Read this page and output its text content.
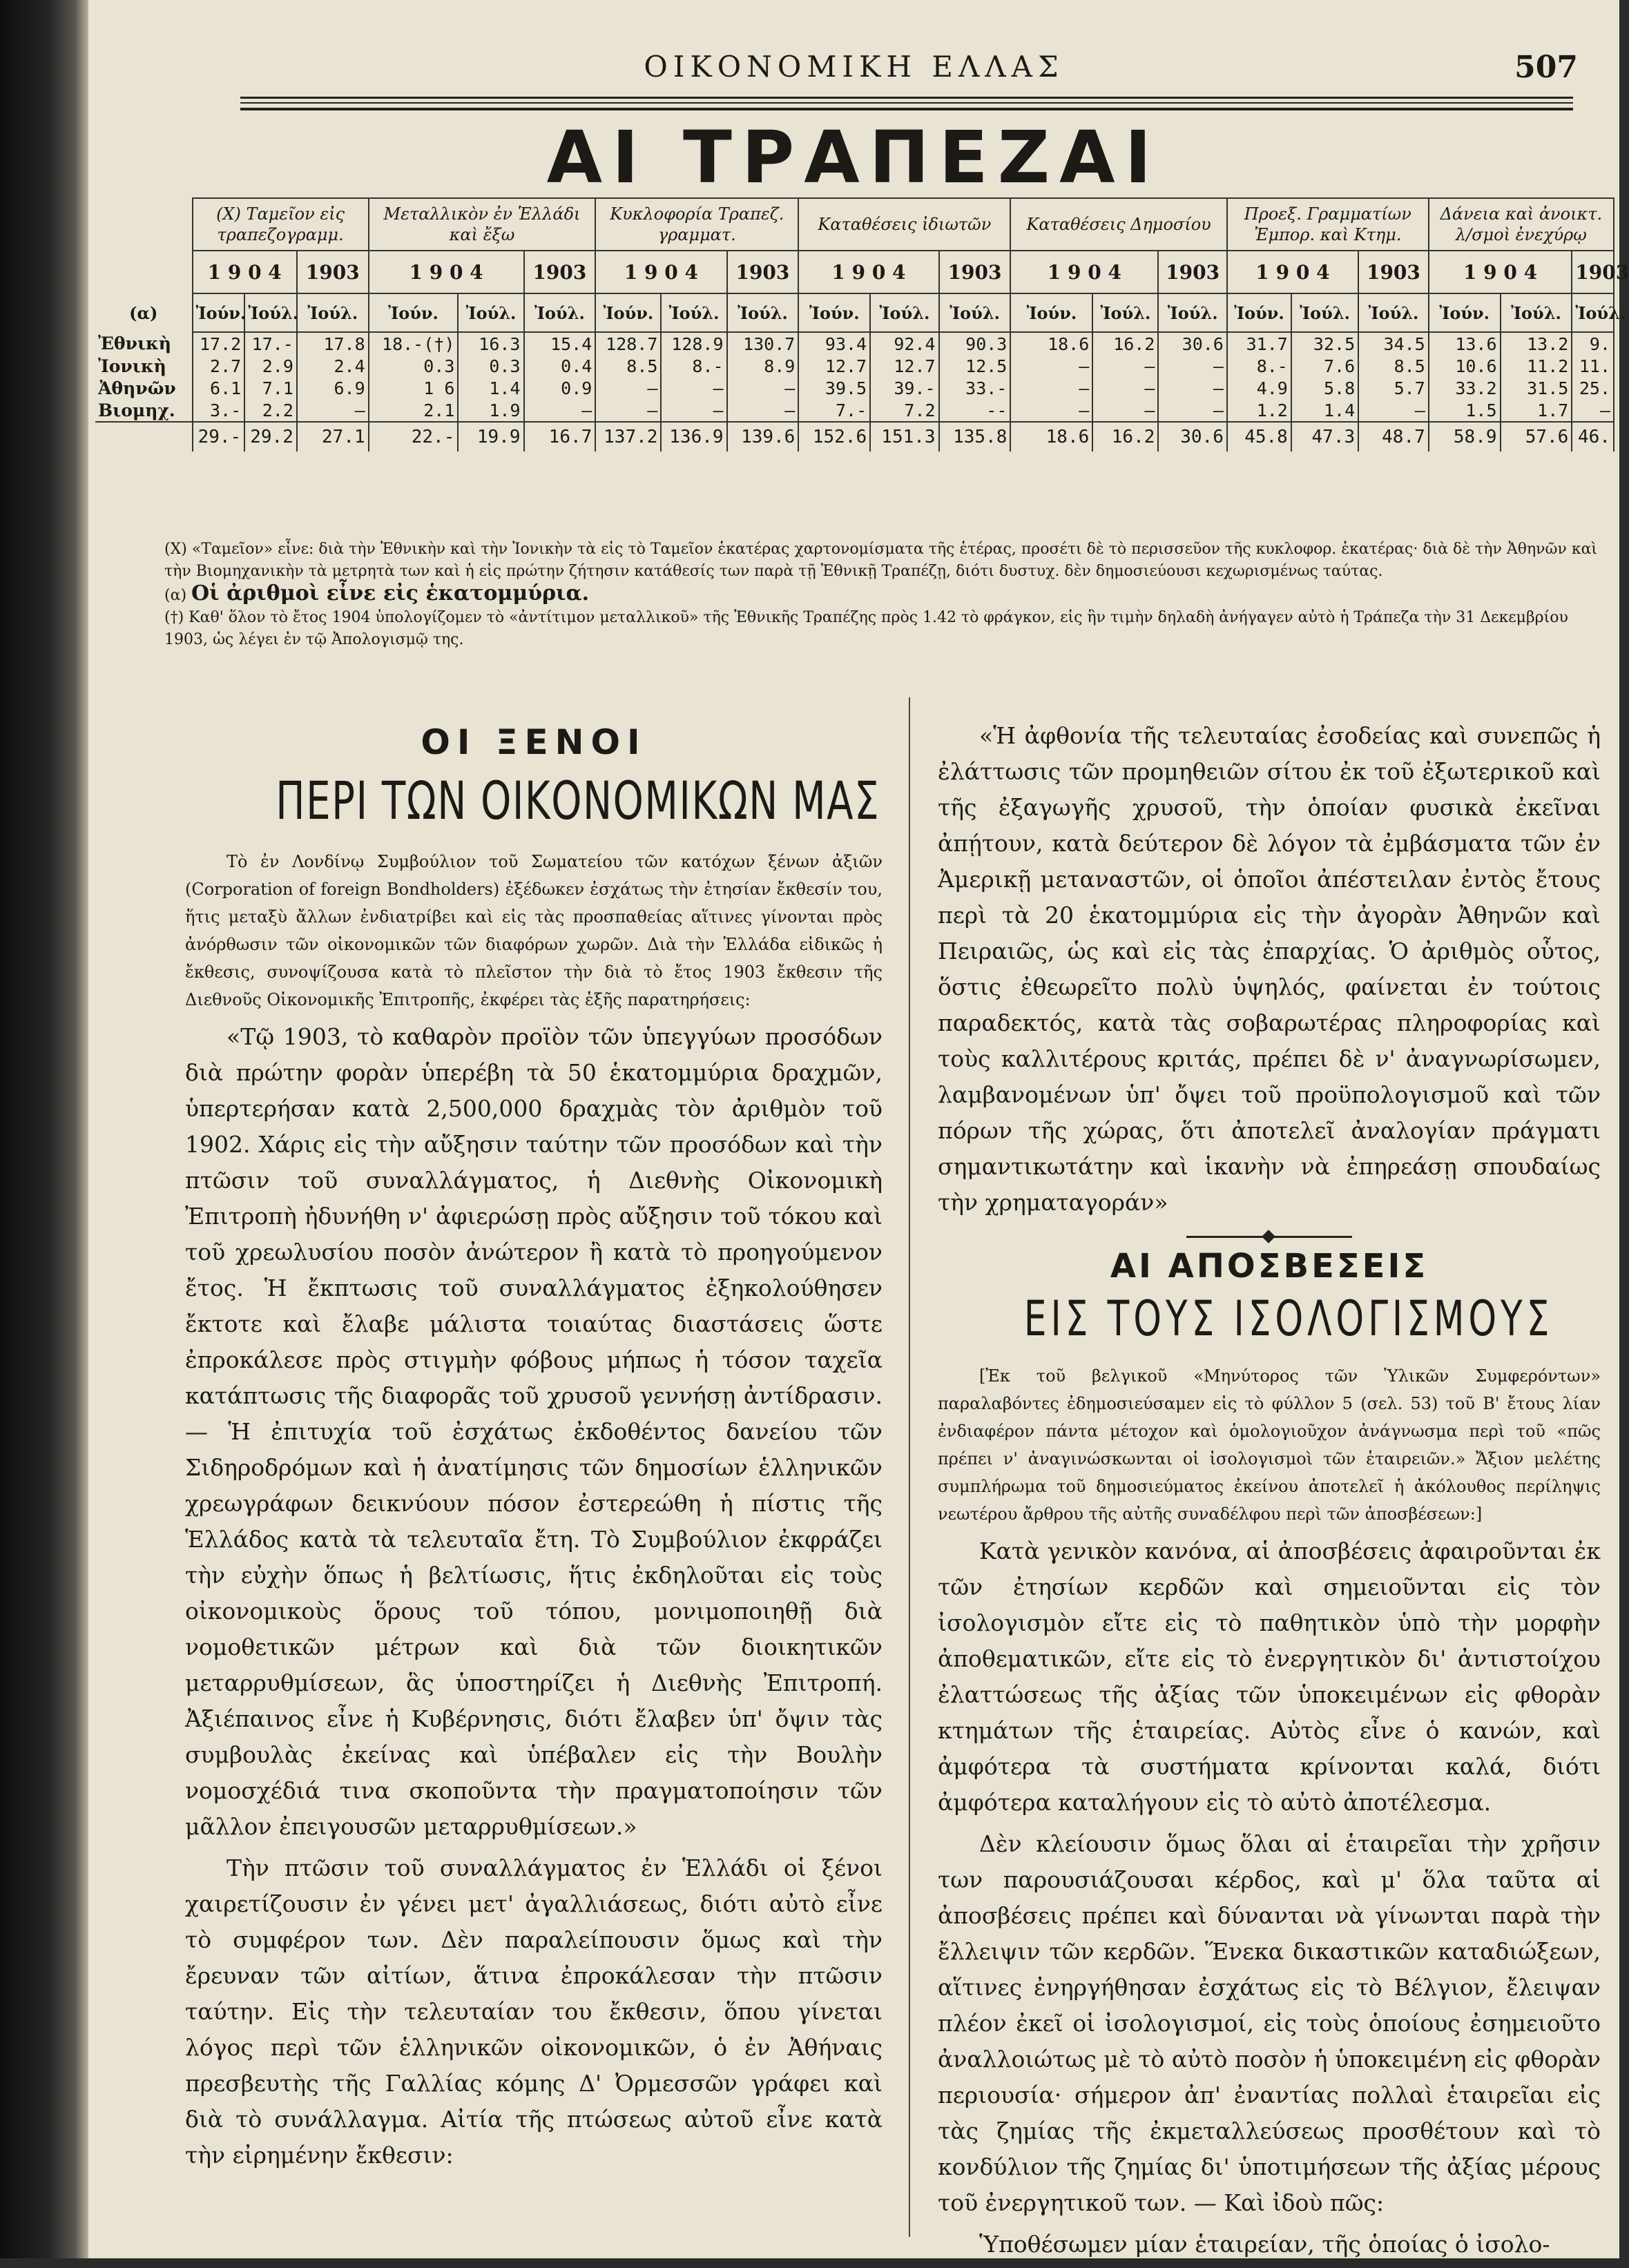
ΟΙΚΟΝΟΜΙΚΗ ΕΛΛΑΣ	507
ΑΙ ΤΡΑΠΕΖΑΙ
	(Χ) Ταμεῖον εἰς τραπεζογραμμ.			Μεταλλικὸν ἐν Ἑλλάδι καὶ ἔξω			Κυκλοφορία Τραπεζ. γραμματ.			Καταθέσεις ἰδιωτῶν			Καταθέσεις Δημοσίου			Προεξ. Γραμματίων Ἐμπορ. καὶ Κτημ.			Δάνεια καὶ ἀνοικτ. λ/σμοὶ ἐνεχύρῳ		
	1 9 0 4		1903	1 9 0 4		1903	1 9 0 4		1903	1 9 0 4		1903	1 9 0 4		1903	1 9 0 4		1903	1 9 0 4		1903
(α)	Ἰούν.	Ἰούλ.	Ἰούλ.	Ἰούν.	Ἰούλ.	Ἰούλ.	Ἰούν.	Ἰούλ.	Ἰούλ.	Ἰούν.	Ἰούλ.	Ἰούλ.	Ἰούν.	Ἰούλ.	Ἰούλ.	Ἰούν.	Ἰούλ.	Ἰούλ.	Ἰούν.	Ἰούλ.	Ἰούλ.
Ἐθνικὴ	17.2	17.-	17.8	18.-(†)	16.3	15.4	128.7	128.9	130.7	93.4	92.4	90.3	18.6	16.2	30.6	31.7	32.5	34.5	13.6	13.2	9.
Ἰονικὴ	2.7	2.9	2.4	0.3	0.3	0.4	8.5	8.-	8.9	12.7	12.7	12.5	—	—	—	8.-	7.6	8.5	10.6	11.2	11.
Ἀθηνῶν	6.1	7.1	6.9	1 6	1.4	0.9	—	—	—	39.5	39.-	33.-	—	—	—	4.9	5.8	5.7	33.2	31.5	25.
Βιομηχ.	3.-	2.2	—	2.1	1.9	—	—	—	—	7.-	7.2	--	—	—	—	1.2	1.4	—	1.5	1.7	—
	29.-	29.2	27.1	22.-	19.9	16.7	137.2	136.9	139.6	152.6	151.3	135.8	18.6	16.2	30.6	45.8	47.3	48.7	58.9	57.6	46.

(Χ) «Ταμεῖον» εἶνε: διὰ τὴν Ἐθνικὴν καὶ τὴν Ἰονικὴν τὰ εἰς τὸ Ταμεῖον ἑκατέρας χαρτονομίσματα τῆς ἑτέρας, προσέτι δὲ τὸ περισσεῦον τῆς κυκλοφορ. ἑκατέρας· διὰ δὲ τὴν Ἀθηνῶν καὶ τὴν Βιομηχανικὴν τὰ μετρητὰ των καὶ ἡ εἰς πρώτην ζήτησιν κατάθεσίς των παρὰ τῇ Ἐθνικῇ Τραπέζῃ, διότι δυστυχ. δὲν δημοσιεύουσι κεχωρισμένως ταύτας.

(α) Οἱ ἀριθμοὶ εἶνε εἰς ἑκατομμύρια.

(†) Καθ' ὅλον τὸ ἔτος 1904 ὑπολογίζομεν τὸ «ἀντίτιμον μεταλλικοῦ» τῆς Ἐθνικῆς Τραπέζης πρὸς 1.42 τὸ φράγκον, εἰς ἣν τιμὴν δηλαδὴ ἀνήγαγεν αὐτὸ ἡ Τράπεζα τὴν 31 Δεκεμβρίου 1903, ὡς λέγει ἐν τῷ Ἀπολογισμῷ της.

ΟΙ ΞΕΝΟΙ
ΠΕΡΙ ΤΩΝ ΟΙΚΟΝΟΜΙΚΩΝ ΜΑΣ

Τὸ ἐν Λονδίνῳ Συμβούλιον τοῦ Σωματείου τῶν κατόχων ξένων ἀξιῶν (Corporation of foreign Bondholders) ἐξέδωκεν ἐσχάτως τὴν ἐτησίαν ἔκθεσίν του, ἥτις μεταξὺ ἄλλων ἐνδιατρίβει καὶ εἰς τὰς προσπαθείας αἵτινες γίνονται πρὸς ἀνόρθωσιν τῶν οἰκονομικῶν τῶν διαφόρων χωρῶν. Διὰ τὴν Ἑλλάδα εἰδικῶς ἡ ἔκθεσις, συνοψίζουσα κατὰ τὸ πλεῖστον τὴν διὰ τὸ ἔτος 1903 ἔκθεσιν τῆς Διεθνοῦς Οἰκονομικῆς Ἐπιτροπῆς, ἐκφέρει τὰς ἑξῆς παρατηρήσεις:

«Τῷ 1903, τὸ καθαρὸν προϊὸν τῶν ὑπεγγύων προσόδων διὰ πρώτην φορὰν ὑπερέβη τὰ 50 ἑκατομμύρια δραχμῶν, ὑπερτερήσαν κατὰ 2,500,000 δραχμὰς τὸν ἀριθμὸν τοῦ 1902. Χάρις εἰς τὴν αὔξησιν ταύτην τῶν προσόδων καὶ τὴν πτῶσιν τοῦ συναλλάγματος, ἡ Διεθνὴς Οἰκονομικὴ Ἐπιτροπὴ ἠδυνήθη ν' ἀφιερώσῃ πρὸς αὔξησιν τοῦ τόκου καὶ τοῦ χρεωλυσίου ποσὸν ἀνώτερον ἢ κατὰ τὸ προηγούμενον ἔτος. Ἡ ἔκπτωσις τοῦ συναλλάγματος ἐξηκολούθησεν ἔκτοτε καὶ ἔλαβε μάλιστα τοιαύτας διαστάσεις ὥστε ἐπροκάλεσε πρὸς στιγμὴν φόβους μήπως ἡ τόσον ταχεῖα κατάπτωσις τῆς διαφορᾶς τοῦ χρυσοῦ γεννήσῃ ἀντίδρασιν. — Ἡ ἐπιτυχία τοῦ ἐσχάτως ἐκδοθέντος δανείου τῶν Σιδηροδρόμων καὶ ἡ ἀνατίμησις τῶν δημοσίων ἑλληνικῶν χρεωγράφων δεικνύουν πόσον ἐστερεώθη ἡ πίστις τῆς Ἑλλάδος κατὰ τὰ τελευταῖα ἔτη. Τὸ Συμβούλιον ἐκφράζει τὴν εὐχὴν ὅπως ἡ βελτίωσις, ἥτις ἐκδηλοῦται εἰς τοὺς οἰκονομικοὺς ὅρους τοῦ τόπου, μονιμοποιηθῇ διὰ νομοθετικῶν μέτρων καὶ διὰ τῶν διοικητικῶν μεταρρυθμίσεων, ἃς ὑποστηρίζει ἡ Διεθνὴς Ἐπιτροπή. Ἀξιέπαινος εἶνε ἡ Κυβέρνησις, διότι ἔλαβεν ὑπ' ὄψιν τὰς συμβουλὰς ἐκείνας καὶ ὑπέβαλεν εἰς τὴν Βουλὴν νομοσχέδιά τινα σκοποῦντα τὴν πραγματοποίησιν τῶν μᾶλλον ἐπειγουσῶν μεταρρυθμίσεων.»

Τὴν πτῶσιν τοῦ συναλλάγματος ἐν Ἑλλάδι οἱ ξένοι χαιρετίζουσιν ἐν γένει μετ' ἀγαλλιάσεως, διότι αὐτὸ εἶνε τὸ συμφέρον των. Δὲν παραλείπουσιν ὅμως καὶ τὴν ἔρευναν τῶν αἰτίων, ἅτινα ἐπροκάλεσαν τὴν πτῶσιν ταύτην. Εἰς τὴν τελευταίαν του ἔκθεσιν, ὅπου γίνεται λόγος περὶ τῶν ἑλληνικῶν οἰκονομικῶν, ὁ ἐν Ἀθήναις πρεσβευτὴς τῆς Γαλλίας κόμης Δ' Ὀρμεσσῶν γράφει καὶ διὰ τὸ συνάλλαγμα. Αἰτία τῆς πτώσεως αὐτοῦ εἶνε κατὰ τὴν εἰρημένην ἔκθεσιν:

«Ἡ ἀφθονία τῆς τελευταίας ἐσοδείας καὶ συνεπῶς ἡ ἐλάττωσις τῶν προμηθειῶν σίτου ἐκ τοῦ ἐξωτερικοῦ καὶ τῆς ἐξαγωγῆς χρυσοῦ, τὴν ὁποίαν φυσικὰ ἐκεῖναι ἀπῄτουν, κατὰ δεύτερον δὲ λόγον τὰ ἐμβάσματα τῶν ἐν Ἀμερικῇ μεταναστῶν, οἱ ὁποῖοι ἀπέστειλαν ἐντὸς ἔτους περὶ τὰ 20 ἑκατομμύρια εἰς τὴν ἀγορὰν Ἀθηνῶν καὶ Πειραιῶς, ὡς καὶ εἰς τὰς ἐπαρχίας. Ὁ ἀριθμὸς οὗτος, ὅστις ἐθεωρεῖτο πολὺ ὑψηλός, φαίνεται ἐν τούτοις παραδεκτός, κατὰ τὰς σοβαρωτέρας πληροφορίας καὶ τοὺς καλλιτέρους κριτάς, πρέπει δὲ ν' ἀναγνωρίσωμεν, λαμβανομένων ὑπ' ὄψει τοῦ προϋπολογισμοῦ καὶ τῶν πόρων τῆς χώρας, ὅτι ἀποτελεῖ ἀναλογίαν πράγματι σημαντικωτάτην καὶ ἱκανὴν νὰ ἐπηρεάσῃ σπουδαίως τὴν χρηματαγοράν»

ΑΙ ΑΠΟΣΒΕΣΕΙΣ
ΕΙΣ ΤΟΥΣ ΙΣΟΛΟΓΙΣΜΟΥΣ

[Ἐκ τοῦ βελγικοῦ «Μηνύτορος τῶν Ὑλικῶν Συμφερόντων» παραλαβόντες ἐδημοσιεύσαμεν εἰς τὸ φύλλον 5 (σελ. 53) τοῦ Β' ἔτους λίαν ἐνδιαφέρον πάντα μέτοχον καὶ ὁμολογιοῦχον ἀνάγνωσμα περὶ τοῦ «πῶς πρέπει ν' ἀναγινώσκωνται οἱ ἰσολογισμοὶ τῶν ἑταιρειῶν.» Ἄξιον μελέτης συμπλήρωμα τοῦ δημοσιεύματος ἐκείνου ἀποτελεῖ ἡ ἀκόλουθος περίληψις νεωτέρου ἄρθρου τῆς αὐτῆς συναδέλφου περὶ τῶν ἀποσβέσεων:]

Κατὰ γενικὸν κανόνα, αἱ ἀποσβέσεις ἀφαιροῦνται ἐκ τῶν ἐτησίων κερδῶν καὶ σημειοῦνται εἰς τὸν ἰσολογισμὸν εἴτε εἰς τὸ παθητικὸν ὑπὸ τὴν μορφὴν ἀποθεματικῶν, εἴτε εἰς τὸ ἐνεργητικὸν δι' ἀντιστοίχου ἐλαττώσεως τῆς ἀξίας τῶν ὑποκειμένων εἰς φθορὰν κτημάτων τῆς ἑταιρείας. Αὐτὸς εἶνε ὁ κανών, καὶ ἀμφότερα τὰ συστήματα κρίνονται καλά, διότι ἀμφότερα καταλήγουν εἰς τὸ αὐτὸ ἀποτέλεσμα.

Δὲν κλείουσιν ὅμως ὅλαι αἱ ἑταιρεῖαι τὴν χρῆσιν των παρουσιάζουσαι κέρδος, καὶ μ' ὅλα ταῦτα αἱ ἀποσβέσεις πρέπει καὶ δύνανται νὰ γίνωνται παρὰ τὴν ἔλλειψιν τῶν κερδῶν. Ἕνεκα δικαστικῶν καταδιώξεων, αἵτινες ἐνηργήθησαν ἐσχάτως εἰς τὸ Βέλγιον, ἔλειψαν πλέον ἐκεῖ οἱ ἰσολογισμοί, εἰς τοὺς ὁποίους ἐσημειοῦτο ἀναλλοιώτως μὲ τὸ αὐτὸ ποσὸν ἡ ὑποκειμένη εἰς φθορὰν περιουσία· σήμερον ἀπ' ἐναντίας πολλαὶ ἑταιρεῖαι εἰς τὰς ζημίας τῆς ἐκμεταλλεύσεως προσθέτουν καὶ τὸ κονδύλιον τῆς ζημίας δι' ὑποτιμήσεων τῆς ἀξίας μέρους τοῦ ἐνεργητικοῦ των. — Καὶ ἰδοὺ πῶς:

Ὑποθέσωμεν μίαν ἑταιρείαν, τῆς ὁποίας ὁ ἰσολο-
